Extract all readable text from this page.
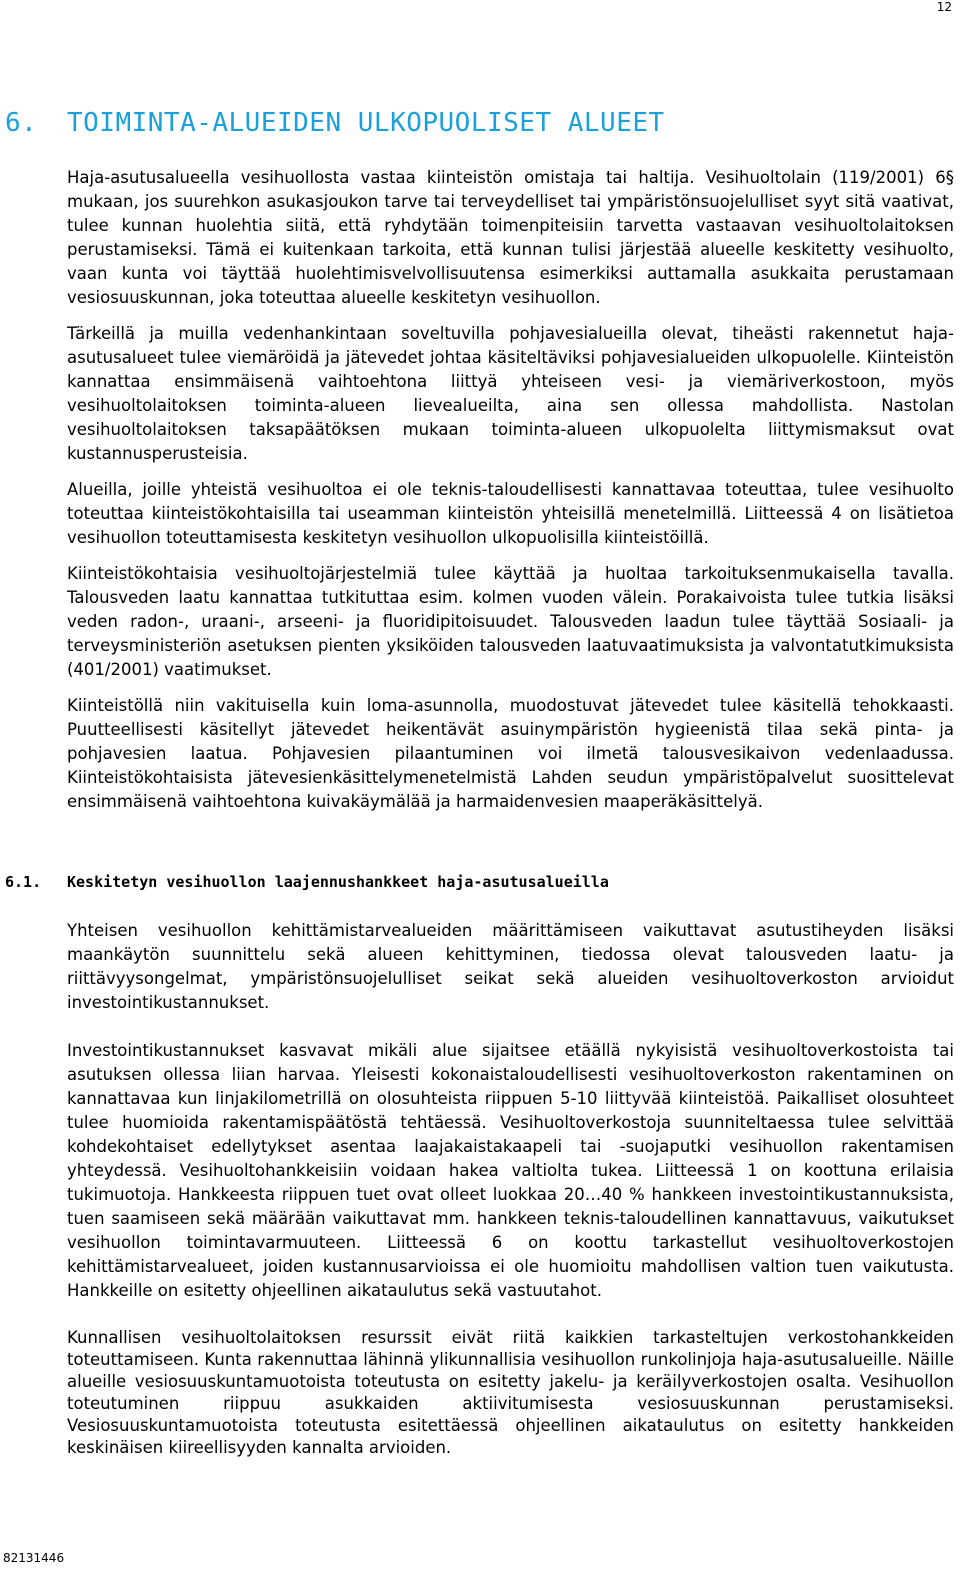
12
6. TOIMINTA-ALUEIDEN ULKOPUOLISET ALUEET

Haja-asutusalueella vesihuollosta vastaa kiinteistön omistaja tai haltija. Vesihuoltolain (119/2001) 6§ mukaan, jos suurehkon asukasjoukon tarve tai terveydelliset tai ympäristönsuojelulliset syyt sitä vaativat, tulee kunnan huolehtia siitä, että ryhdytään toimenpiteisiin tarvetta vastaavan vesihuoltolaitoksen perustamiseksi. Tämä ei kuitenkaan tarkoita, että kunnan tulisi järjestää alueelle keskitetty vesihuolto, vaan kunta voi täyttää huolehtimisvelvollisuutensa esimerkiksi auttamalla asukkaita perustamaan vesiosuuskunnan, joka toteuttaa alueelle keskitetyn vesihuollon.

Tärkeillä ja muilla vedenhankintaan soveltuvilla pohjavesialueilla olevat, tiheästi rakennetut haja-asutusalueet tulee viemäröidä ja jätevedet johtaa käsiteltäviksi pohjavesialueiden ulkopuolelle. Kiinteistön kannattaa ensimmäisenä vaihtoehtona liittyä yhteiseen vesi- ja viemäriverkostoon, myös vesihuoltolaitoksen toiminta-alueen lievealueilta, aina sen ollessa mahdollista. Nastolan vesihuoltolaitoksen taksapäätöksen mukaan toiminta-alueen ulkopuolelta liittymismaksut ovat kustannusperusteisia.

Alueilla, joille yhteistä vesihuoltoa ei ole teknis-taloudellisesti kannattavaa toteuttaa, tulee vesihuolto toteuttaa kiinteistökohtaisilla tai useamman kiinteistön yhteisillä menetelmillä. Liitteessä 4 on lisätietoa vesihuollon toteuttamisesta keskitetyn vesihuollon ulkopuolisilla kiinteistöillä.

Kiinteistökohtaisia vesihuoltojärjestelmiä tulee käyttää ja huoltaa tarkoituksenmukaisella tavalla. Talousveden laatu kannattaa tutkituttaa esim. kolmen vuoden välein. Porakaivoista tulee tutkia lisäksi veden radon-, uraani-, arseeni- ja fluoridipitoisuudet. Talousveden laadun tulee täyttää Sosiaali- ja terveysministeriön asetuksen pienten yksiköiden talousveden laatuvaatimuksista ja valvontatutkimuksista (401/2001) vaatimukset.

Kiinteistöllä niin vakituisella kuin loma-asunnolla, muodostuvat jätevedet tulee käsitellä tehokkaasti. Puutteellisesti käsitellyt jätevedet heikentävät asuinympäristön hygieenistä tilaa sekä pinta- ja pohjavesien laatua. Pohjavesien pilaantuminen voi ilmetä talousvesikaivon vedenlaadussa. Kiinteistökohtaisista jätevesienkäsittelymenetelmistä Lahden seudun ympäristöpalvelut suosittelevat ensimmäisenä vaihtoehtona kuivakäymälää ja harmaidenvesien maaperäkäsittelyä.

6.1. Keskitetyn vesihuollon laajennushankkeet haja-asutusalueilla

Yhteisen vesihuollon kehittämistarvealueiden määrittämiseen vaikuttavat asutustiheyden lisäksi maankäytön suunnittelu sekä alueen kehittyminen, tiedossa olevat talousveden laatu- ja riittävyysongelmat, ympäristönsuojelulliset seikat sekä alueiden vesihuoltoverkoston arvioidut investointikustannukset.

Investointikustannukset kasvavat mikäli alue sijaitsee etäällä nykyisistä vesihuoltoverkostoista tai asutuksen ollessa liian harvaa. Yleisesti kokonaistaloudellisesti vesihuoltoverkoston rakentaminen on kannattavaa kun linjakilometrillä on olosuhteista riippuen 5-10 liittyvää kiinteistöä. Paikalliset olosuhteet tulee huomioida rakentamispäätöstä tehtäessä. Vesihuoltoverkostoja suunniteltaessa tulee selvittää kohdekohtaiset edellytykset asentaa laajakaistakaapeli tai -suojaputki vesihuollon rakentamisen yhteydessä. Vesihuoltohankkeisiin voidaan hakea valtiolta tukea. Liitteessä 1 on koottuna erilaisia tukimuotoja. Hankkeesta riippuen tuet ovat olleet luokkaa 20…40 % hankkeen investointikustannuksista, tuen saamiseen sekä määrään vaikuttavat mm. hankkeen teknis-taloudellinen kannattavuus, vaikutukset vesihuollon toimintavarmuuteen. Liitteessä 6 on koottu tarkastellut vesihuoltoverkostojen kehittämistarvealueet, joiden kustannusarvioissa ei ole huomioitu mahdollisen valtion tuen vaikutusta. Hankkeille on esitetty ohjeellinen aikataulutus sekä vastuutahot.

Kunnallisen vesihuoltolaitoksen resurssit eivät riitä kaikkien tarkasteltujen verkostohankkeiden toteuttamiseen. Kunta rakennuttaa lähinnä ylikunnallisia vesihuollon runkolinjoja haja-asutusalueille. Näille alueille vesiosuuskuntamuotoista toteutusta on esitetty jakelu- ja keräilyverkostojen osalta. Vesihuollon toteutuminen riippuu asukkaiden aktiivitumisesta vesiosuuskunnan perustamiseksi. Vesiosuuskuntamuotoista toteutusta esitettäessä ohjeellinen aikataulutus on esitetty hankkeiden keskinäisen kiireellisyyden kannalta arvioiden.

82131446
